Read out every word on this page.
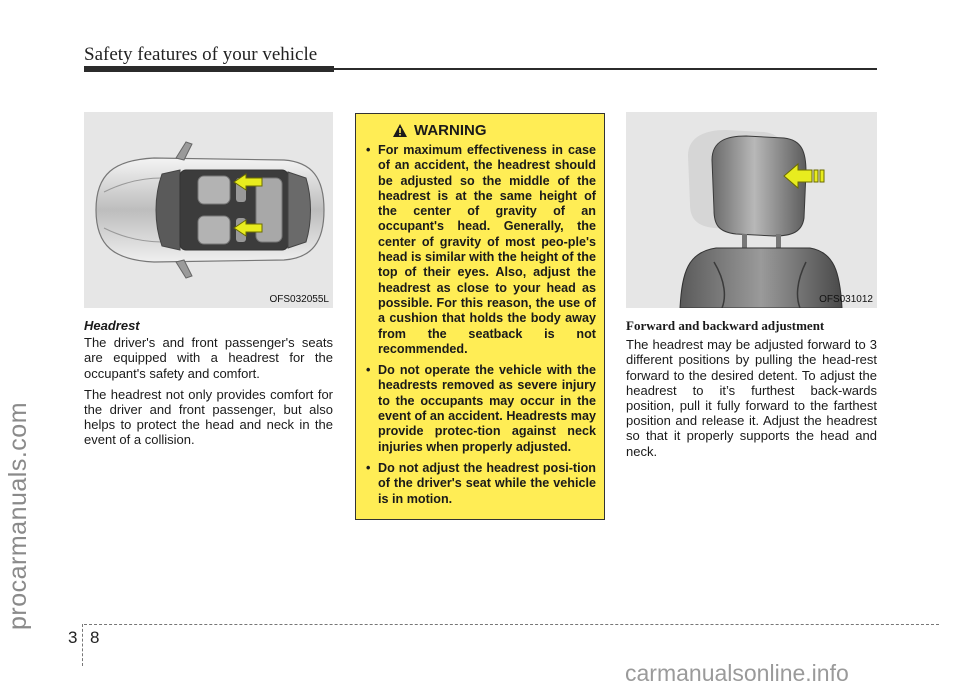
Safety features of your vehicle
procarmanuals.com
carmanualsonline.info
OFS032055L
Headrest

The driver's and front passenger's seats are equipped with a headrest for the occupant's safety and comfort.

The headrest not only provides comfort for the driver and front passenger, but also helps to protect the head and neck in the event of a collision.

WARNING
• For maximum effectiveness in case of an accident, the headrest should be adjusted so the middle of the headrest is at the same height of the center of gravity of an occupant's head. Generally, the center of gravity of most peo-ple's head is similar with the height of the top of their eyes. Also, adjust the headrest as close to your head as possible. For this reason, the use of a cushion that holds the body away from the seatback is not recommended.
• Do not operate the vehicle with the headrests removed as severe injury to the occupants may occur in the event of an accident. Headrests may provide protec-tion against neck injuries when properly adjusted.
• Do not adjust the headrest posi-tion of the driver's seat while the vehicle is in motion.
OFS031012
Forward and backward adjustment

The headrest may be adjusted forward to 3 different positions by pulling the head-rest forward to the desired detent. To adjust the headrest to it’s furthest back-wards position, pull it fully forward to the farthest position and release it. Adjust the headrest so that it properly supports the head and neck.

3 8
